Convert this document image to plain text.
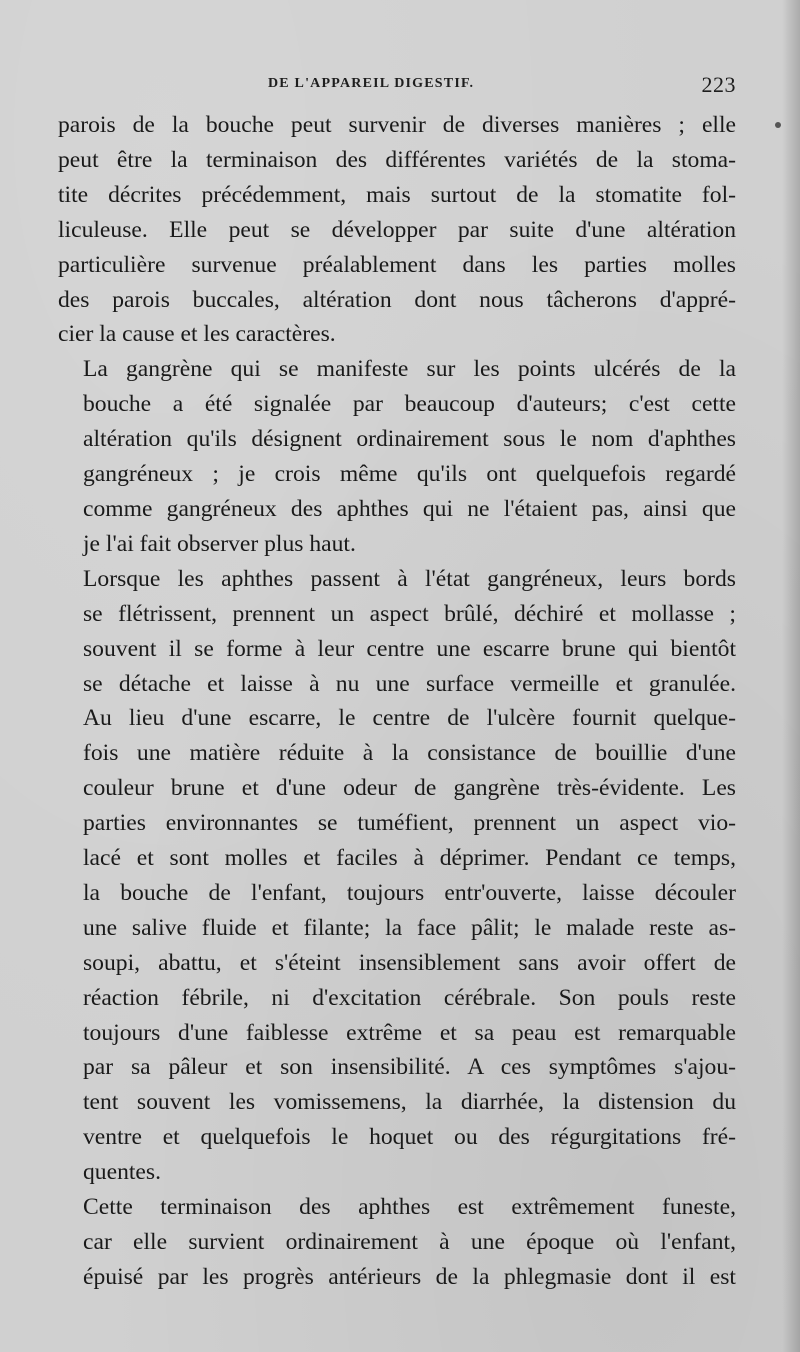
DE L'APPAREIL DIGESTIF.	223

parois de la bouche peut survenir de diverses manières ; elle
peut être la terminaison des différentes variétés de la stoma-
tite décrites précédemment, mais surtout de la stomatite fol-
liculeuse. Elle peut se développer par suite d'une altération
particulière survenue préalablement dans les parties molles
des parois buccales, altération dont nous tâcherons d'appré-
cier la cause et les caractères.

La gangrène qui se manifeste sur les points ulcérés de la
bouche a été signalée par beaucoup d'auteurs; c'est cette
altération qu'ils désignent ordinairement sous le nom d'aphthes
gangréneux ; je crois même qu'ils ont quelquefois regardé
comme gangréneux des aphthes qui ne l'étaient pas, ainsi que
je l'ai fait observer plus haut.

Lorsque les aphthes passent à l'état gangréneux, leurs bords
se flétrissent, prennent un aspect brûlé, déchiré et mollasse ;
souvent il se forme à leur centre une escarre brune qui bientôt
se détache et laisse à nu une surface vermeille et granulée.
Au lieu d'une escarre, le centre de l'ulcère fournit quelque-
fois une matière réduite à la consistance de bouillie d'une
couleur brune et d'une odeur de gangrène très-évidente. Les
parties environnantes se tuméfient, prennent un aspect vio-
lacé et sont molles et faciles à déprimer. Pendant ce temps,
la bouche de l'enfant, toujours entr'ouverte, laisse découler
une salive fluide et filante; la face pâlit; le malade reste as-
soupi, abattu, et s'éteint insensiblement sans avoir offert de
réaction fébrile, ni d'excitation cérébrale. Son pouls reste
toujours d'une faiblesse extrême et sa peau est remarquable
par sa pâleur et son insensibilité. A ces symptômes s'ajou-
tent souvent les vomissemens, la diarrhée, la distension du
ventre et quelquefois le hoquet ou des régurgitations fré-
quentes.

Cette terminaison des aphthes est extrêmement funeste,
car elle survient ordinairement à une époque où l'enfant,
épuisé par les progrès antérieurs de la phlegmasie dont il est
